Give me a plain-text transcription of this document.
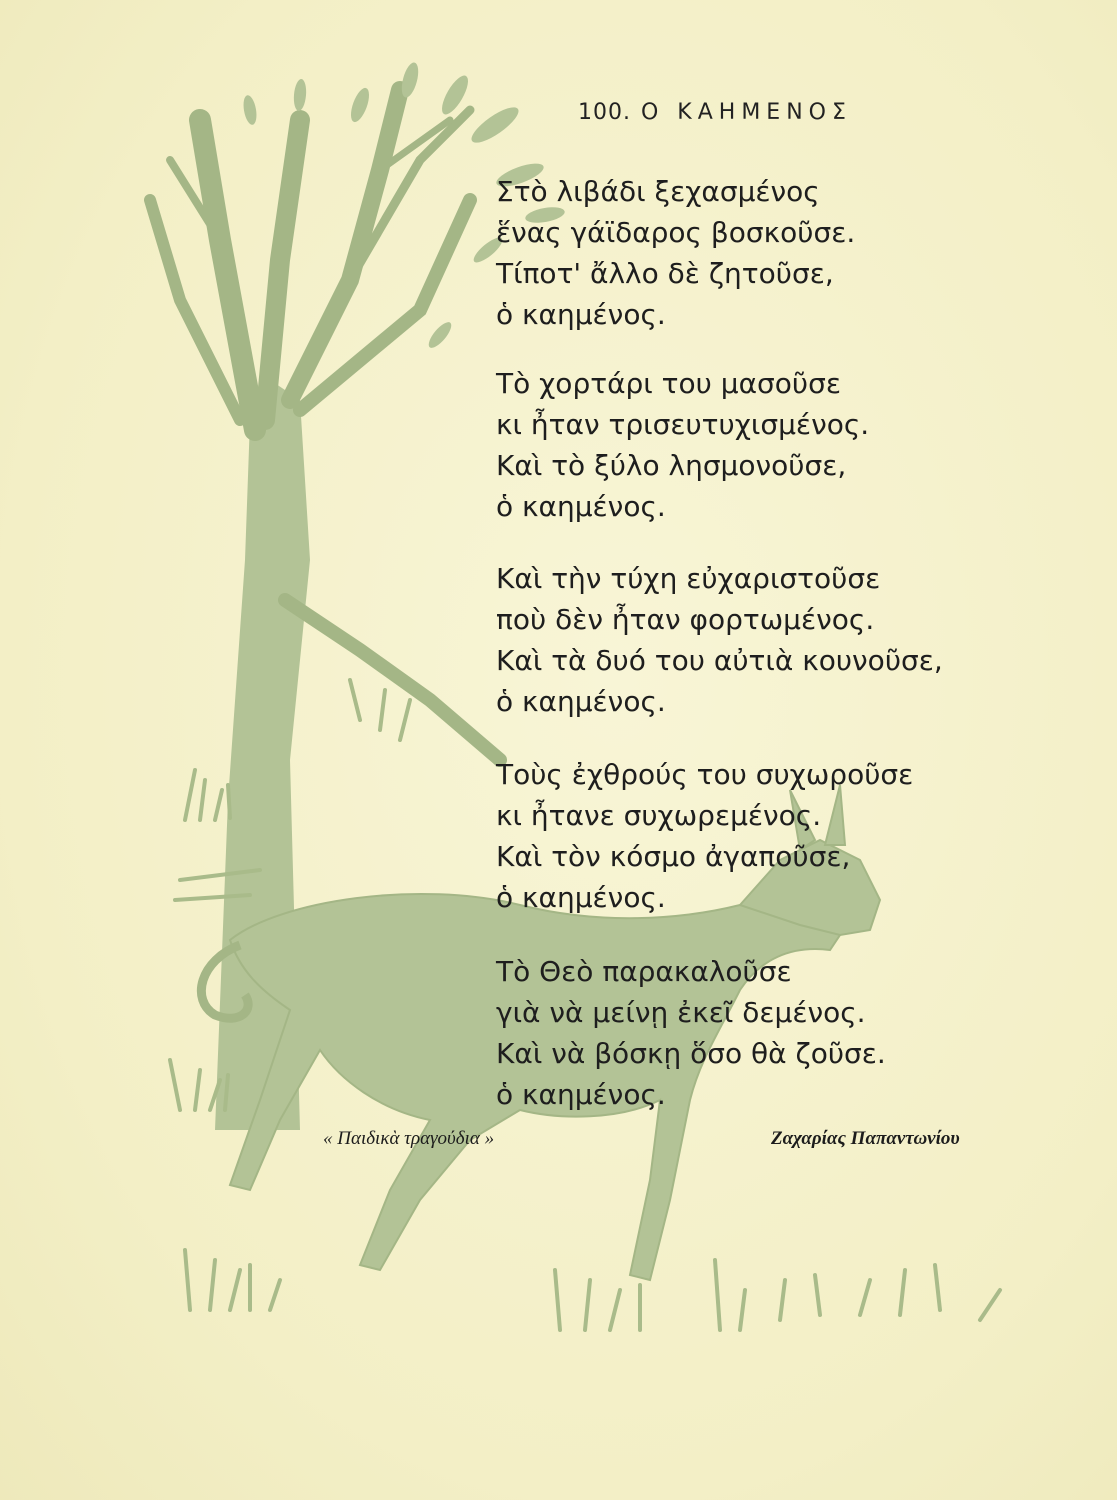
100. Ο ΚΑΗΜΕΝΟΣ
Στὸ λιβάδι ξεχασμένος
ἕνας γάϊδαρος βοσκοῦσε.
Τίποτ' ἄλλο δὲ ζητοῦσε,
ὁ καημένος.
Τὸ χορτάρι του μασοῦσε
κι ἦταν τρισευτυχισμένος.
Καὶ τὸ ξύλο λησμονοῦσε,
ὁ καημένος.
Καὶ τὴν τύχη εὐχαριστοῦσε
ποὺ δὲν ἦταν φορτωμένος.
Καὶ τὰ δυό του αὐτιὰ κουνοῦσε,
ὁ καημένος.
Τοὺς ἐχθρούς του συχωροῦσε
κι ἦτανε συχωρεμένος.
Καὶ τὸν κόσμο ἀγαποῦσε,
ὁ καημένος.
Τὸ Θεὸ παρακαλοῦσε
γιὰ νὰ μείνῃ ἐκεῖ δεμένος.
Καὶ νὰ βόσκῃ ὅσο θὰ ζοῦσε.
ὁ καημένος.
« Παιδικὰ τραγούδια »	Ζαχαρίας Παπαντωνίου
